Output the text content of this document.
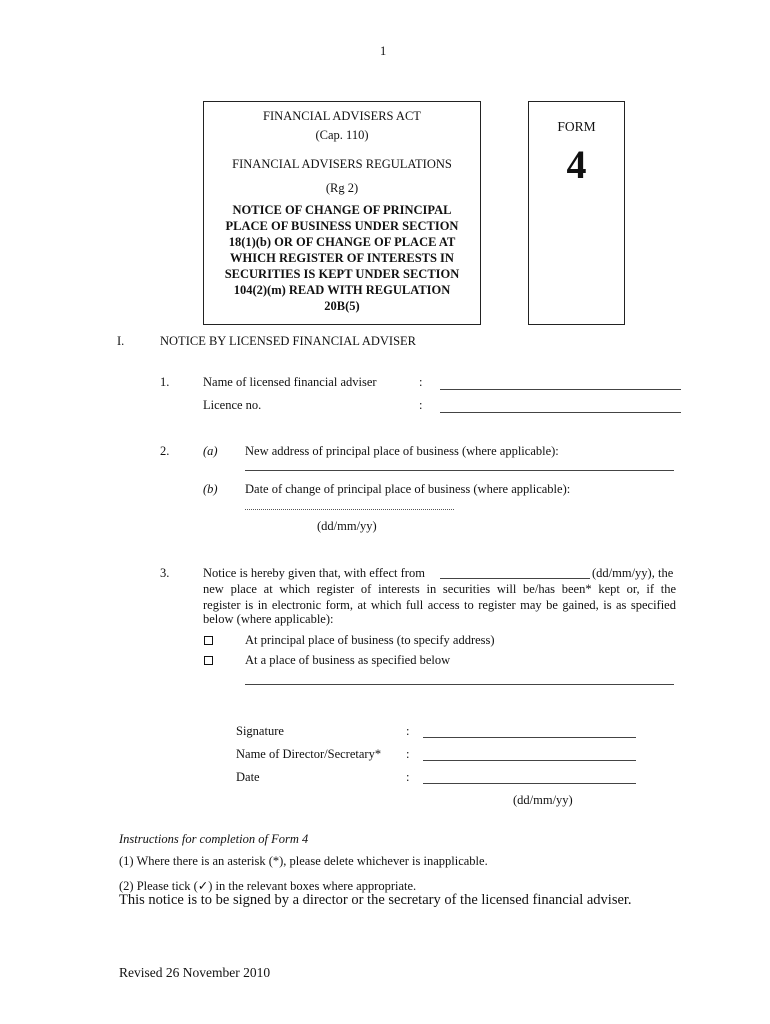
1
FINANCIAL ADVISERS ACT
(Cap. 110)
FINANCIAL ADVISERS REGULATIONS
(Rg 2)
NOTICE OF CHANGE OF PRINCIPAL
PLACE OF BUSINESS UNDER SECTION
18(1)(b) OR OF CHANGE OF PLACE AT
WHICH REGISTER OF INTERESTS IN
SECURITIES IS KEPT UNDER SECTION
104(2)(m) READ WITH REGULATION
20B(5)
FORM
4
I.	NOTICE BY LICENSED FINANCIAL ADVISER
1.	Name of licensed financial adviser	:
Licence no.	:
2.	(a) New address of principal place of business (where applicable):
(b) Date of change of principal place of business (where applicable):
(dd/mm/yy)
3.	Notice is hereby given that, with effect from	(dd/mm/yy), the
new place at which register of interests in securities will be/has been* kept or, if the
register is in electronic form, at which full access to register may be gained, is as specified
below (where applicable):
At principal place of business (to specify address)
At a place of business as specified below
Signature	:
Name of Director/Secretary* :
Date	:
(dd/mm/yy)
Instructions for completion of Form 4
(1) Where there is an asterisk (*), please delete whichever is inapplicable.
(2) Please tick (✓) in the relevant boxes where appropriate.
This notice is to be signed by a director or the secretary of the licensed financial adviser.
Revised 26 November 2010
